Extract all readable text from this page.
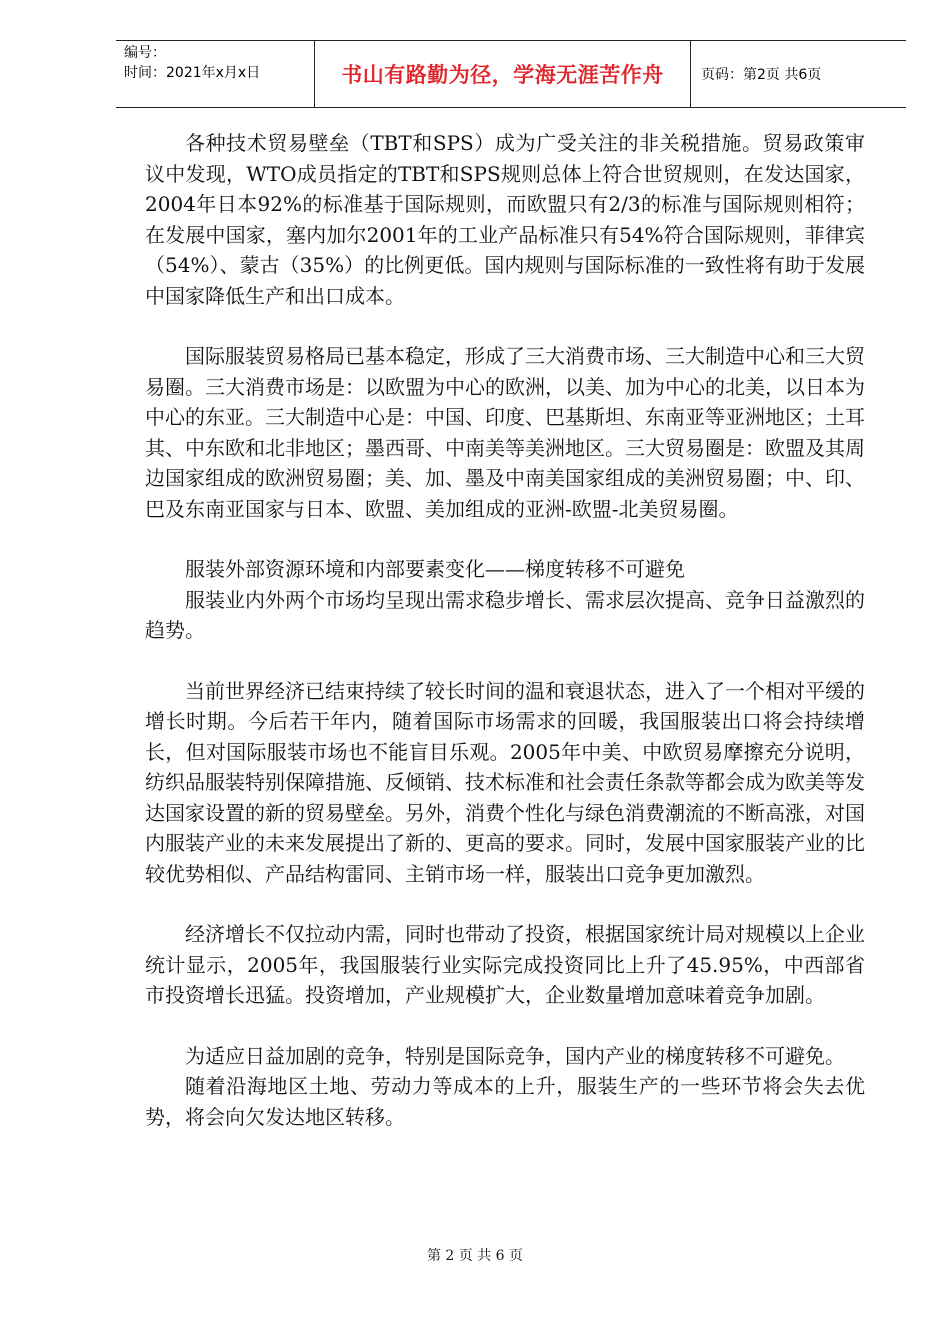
编号：
时间：2021年x月x日	书山有路勤为径，学海无涯苦作舟	页码：第2页 共6页

各种技术贸易壁垒（TBT和SPS）成为广受关注的非关税措施。贸易政策审议中发现，WTO成员指定的TBT和SPS规则总体上符合世贸规则，在发达国家，2004年日本92%的标准基于国际规则，而欧盟只有2/3的标准与国际规则相符；在发展中国家，塞内加尔2001年的工业产品标准只有54%符合国际规则，菲律宾（54%）、蒙古（35%）的比例更低。国内规则与国际标准的一致性将有助于发展中国家降低生产和出口成本。

国际服装贸易格局已基本稳定，形成了三大消费市场、三大制造中心和三大贸易圈。三大消费市场是：以欧盟为中心的欧洲，以美、加为中心的北美，以日本为中心的东亚。三大制造中心是：中国、印度、巴基斯坦、东南亚等亚洲地区；土耳其、中东欧和北非地区；墨西哥、中南美等美洲地区。三大贸易圈是：欧盟及其周边国家组成的欧洲贸易圈；美、加、墨及中南美国家组成的美洲贸易圈；中、印、巴及东南亚国家与日本、欧盟、美加组成的亚洲-欧盟-北美贸易圈。

服装外部资源环境和内部要素变化——梯度转移不可避免

服装业内外两个市场均呈现出需求稳步增长、需求层次提高、竞争日益激烈的趋势。

当前世界经济已结束持续了较长时间的温和衰退状态，进入了一个相对平缓的增长时期。今后若干年内，随着国际市场需求的回暖，我国服装出口将会持续增长，但对国际服装市场也不能盲目乐观。2005年中美、中欧贸易摩擦充分说明，纺织品服装特别保障措施、反倾销、技术标准和社会责任条款等都会成为欧美等发达国家设置的新的贸易壁垒。另外，消费个性化与绿色消费潮流的不断高涨，对国内服装产业的未来发展提出了新的、更高的要求。同时，发展中国家服装产业的比较优势相似、产品结构雷同、主销市场一样，服装出口竞争更加激烈。

经济增长不仅拉动内需，同时也带动了投资，根据国家统计局对规模以上企业统计显示，2005年，我国服装行业实际完成投资同比上升了45.95%，中西部省市投资增长迅猛。投资增加，产业规模扩大，企业数量增加意味着竞争加剧。

为适应日益加剧的竞争，特别是国际竞争，国内产业的梯度转移不可避免。

随着沿海地区土地、劳动力等成本的上升，服装生产的一些环节将会失去优势，将会向欠发达地区转移。

第 2 页 共 6 页
